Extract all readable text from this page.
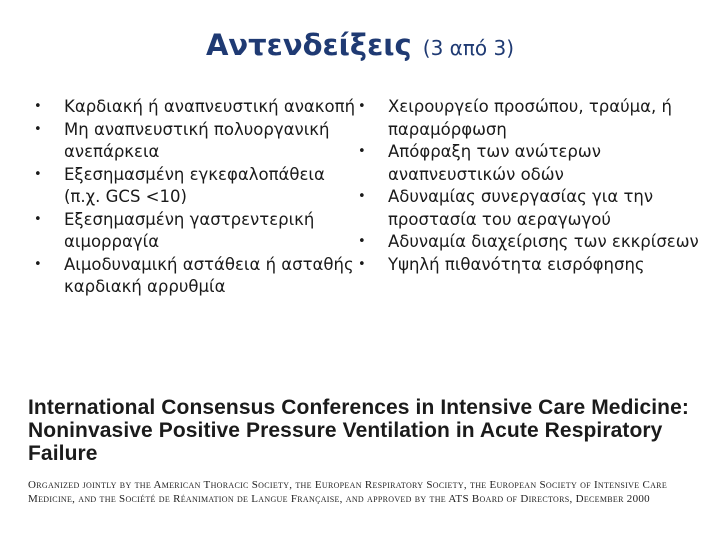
Αντενδείξεις (3 από 3)
• Καρδιακή ή αναπνευστική ανακοπή
• Μη αναπνευστική πολυοργανική ανεπάρκεια
• Εξεσημασμένη εγκεφαλοπάθεια (π.χ. GCS <10)
• Εξεσημασμένη γαστρεντερική αιμορραγία
• Αιμοδυναμική αστάθεια ή ασταθής καρδιακή αρρυθμία
• Χειρουργείο προσώπου, τραύμα, ή παραμόρφωση
• Απόφραξη των ανώτερων αναπνευστικών οδών
• Αδυναμίας συνεργασίας για την προστασία του αεραγωγού
• Αδυναμία διαχείρισης των εκκρίσεων
• Υψηλή πιθανότητα εισρόφησης
International Consensus Conferences in Intensive Care Medicine: Noninvasive Positive Pressure Ventilation in Acute Respiratory Failure
Organized jointly by the American Thoracic Society, the European Respiratory Society, the European Society of Intensive Care Medicine, and the Société de Réanimation de Langue Française, and approved by the ATS Board of Directors, December 2000
